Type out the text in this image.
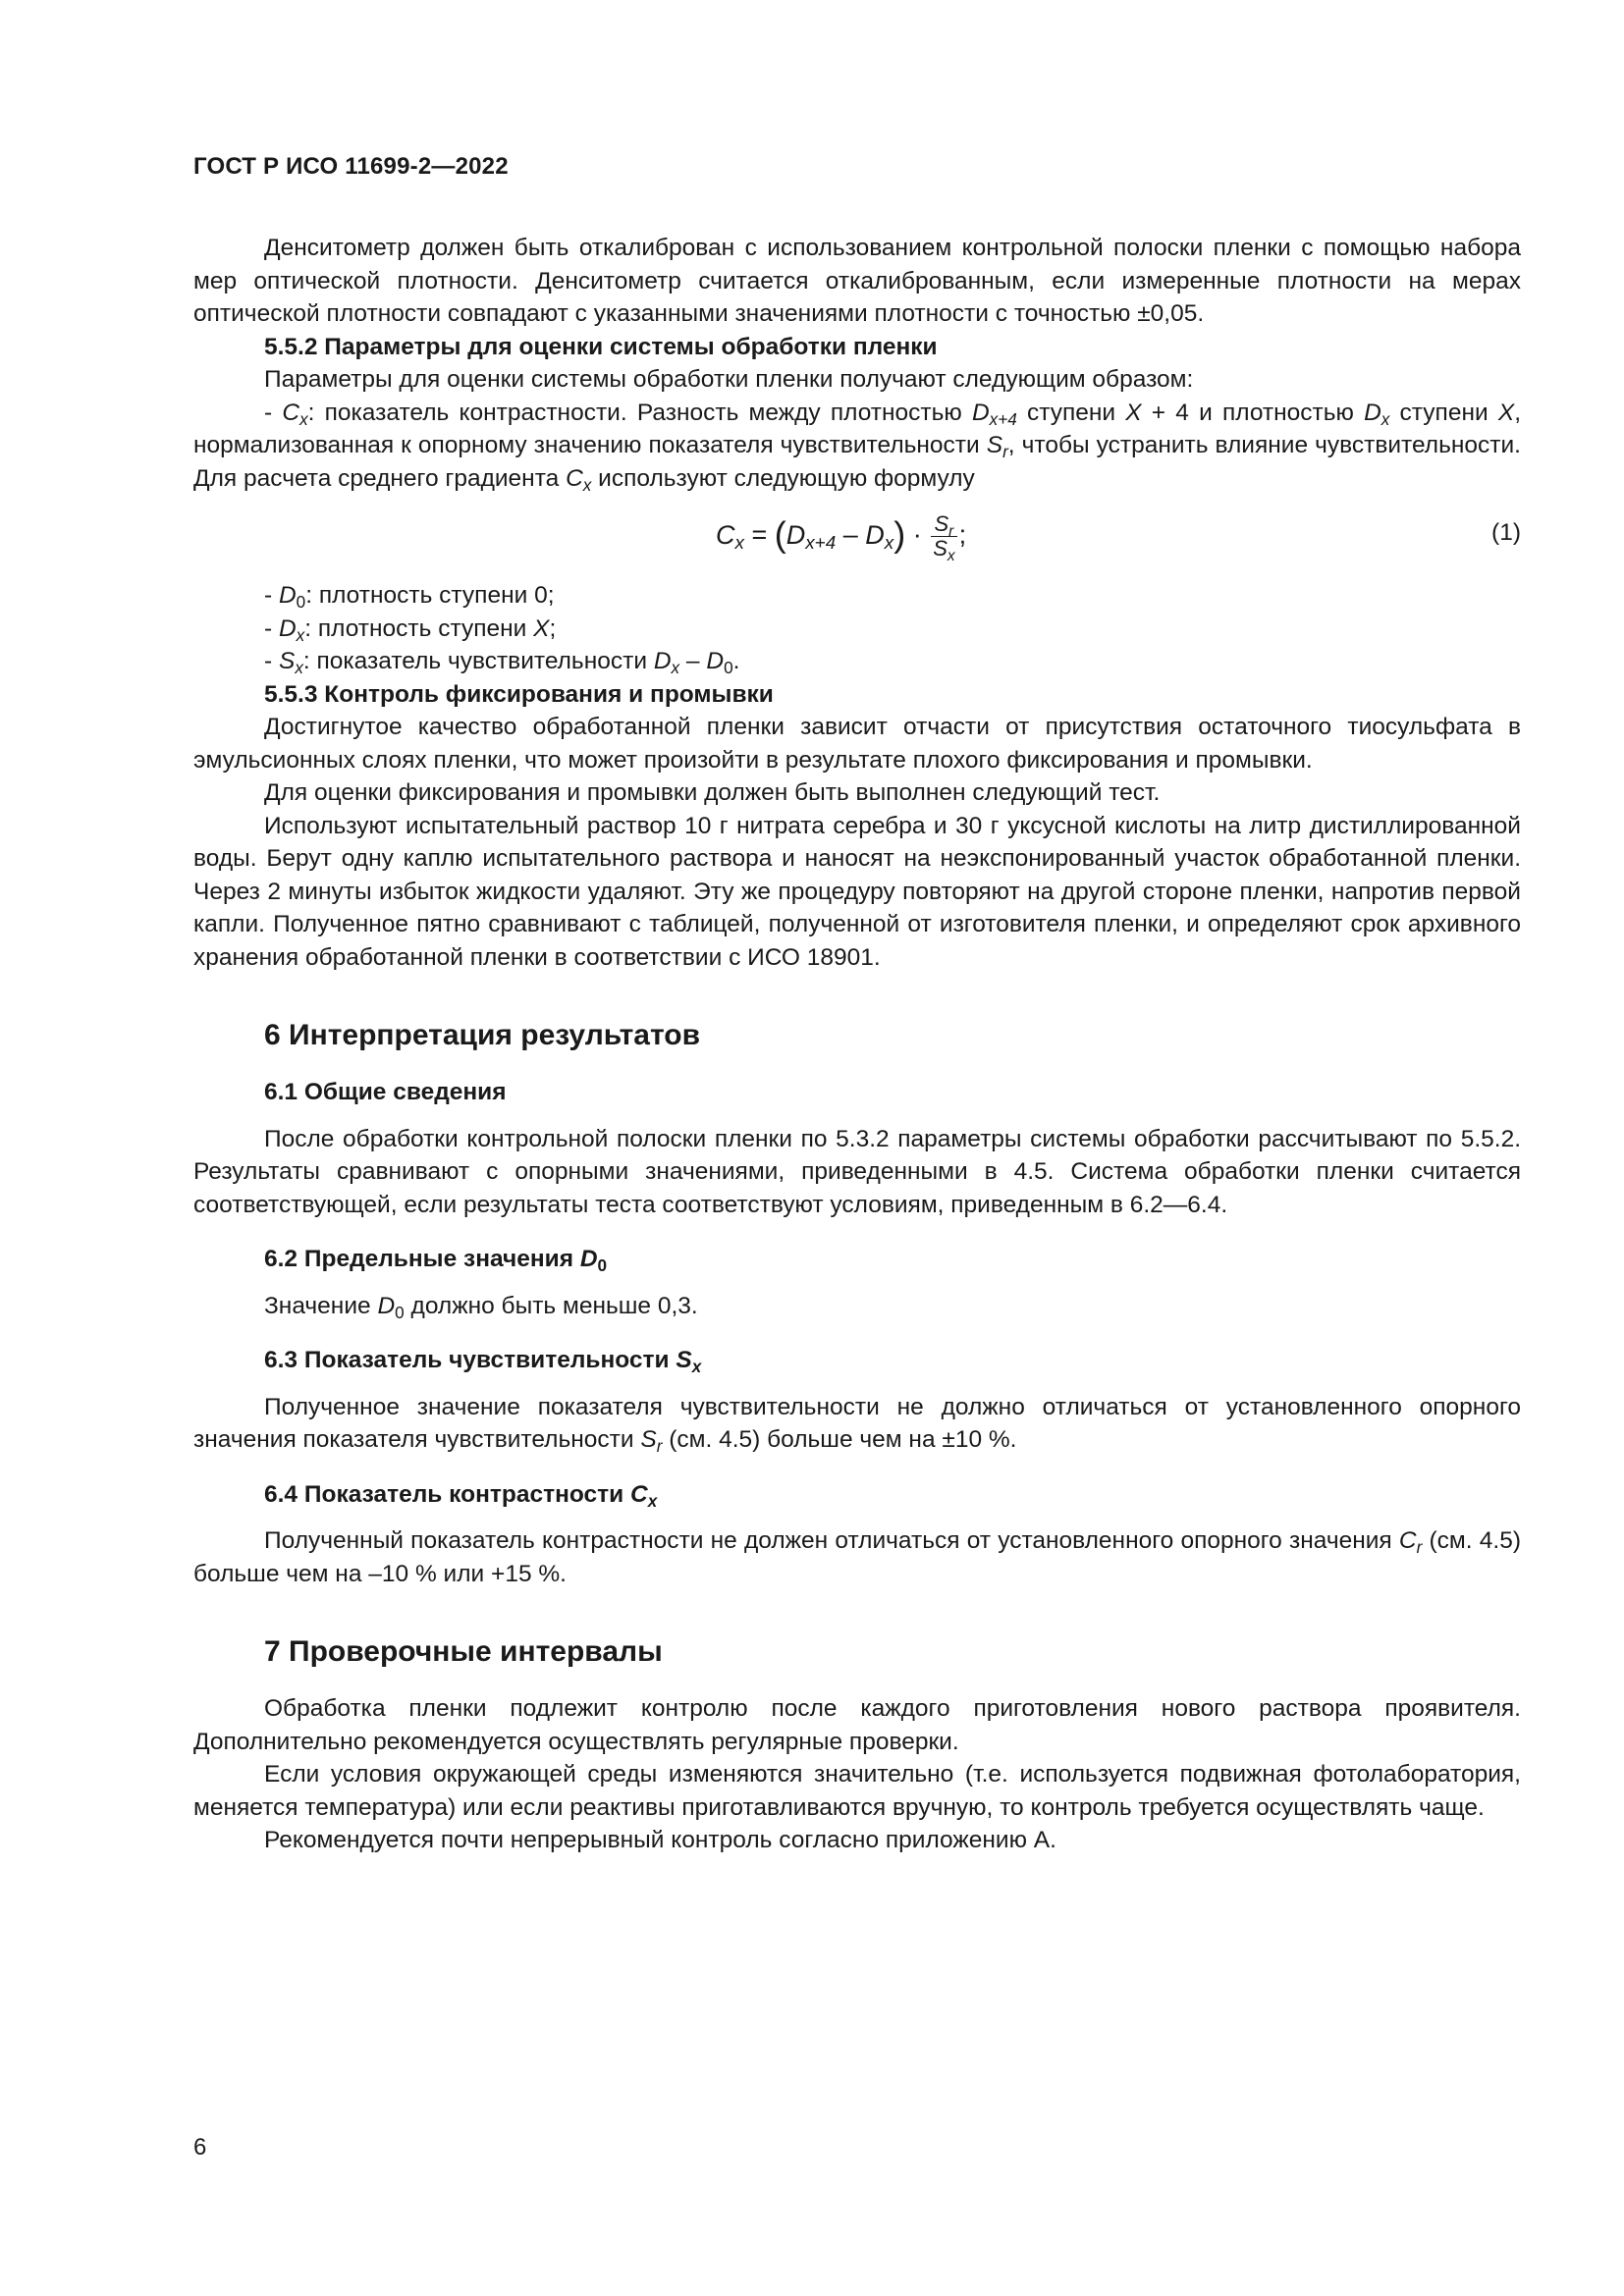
ГОСТ Р ИСО 11699-2—2022

Денситометр должен быть откалиброван с использованием контрольной полоски пленки с помощью набора мер оптической плотности. Денситометр считается откалиброванным, если измеренные плотности на мерах оптической плотности совпадают с указанными значениями плотности с точностью ±0,05.

5.5.2 Параметры для оценки системы обработки пленки

Параметры для оценки системы обработки пленки получают следующим образом:

- $C_x$: показатель контрастности. Разность между плотностью $D_{x+4}$ ступени X + 4 и плотностью $D_x$ ступени X, нормализованная к опорному значению показателя чувствительности $S_r$, чтобы устранить влияние чувствительности. Для расчета среднего градиента $C_x$ используют следующую формулу

$C_x = (D_{x+4} - D_x) \cdot \frac{S_r}{S_x}$ ;	(1)
- $D_0$: плотность ступени 0;
- $D_x$: плотность ступени X;
- $S_x$: показатель чувствительности $D_x - D_0$.
5.5.3 Контроль фиксирования и промывки

Достигнутое качество обработанной пленки зависит отчасти от присутствия остаточного тиосульфата в эмульсионных слоях пленки, что может произойти в результате плохого фиксирования и промывки.

Для оценки фиксирования и промывки должен быть выполнен следующий тест.

Используют испытательный раствор 10 г нитрата серебра и 30 г уксусной кислоты на литр дистиллированной воды. Берут одну каплю испытательного раствора и наносят на неэкспонированный участок обработанной пленки. Через 2 минуты избыток жидкости удаляют. Эту же процедуру повторяют на другой стороне пленки, напротив первой капли. Полученное пятно сравнивают с таблицей, полученной от изготовителя пленки, и определяют срок архивного хранения обработанной пленки в соответствии с ИСО 18901.

6 Интерпретация результатов
6.1 Общие сведения

После обработки контрольной полоски пленки по 5.3.2 параметры системы обработки рассчитывают по 5.5.2. Результаты сравнивают с опорными значениями, приведенными в 4.5. Система обработки пленки считается соответствующей, если результаты теста соответствуют условиям, приведенным в 6.2—6.4.

6.2 Предельные значения $D_0$

Значение $D_0$ должно быть меньше 0,3.

6.3 Показатель чувствительности $S_x$

Полученное значение показателя чувствительности не должно отличаться от установленного опорного значения показателя чувствительности $S_r$ (см. 4.5) больше чем на ±10 %.

6.4 Показатель контрастности $C_x$

Полученный показатель контрастности не должен отличаться от установленного опорного значения $C_r$ (см. 4.5) больше чем на –10 % или +15 %.

7 Проверочные интервалы

Обработка пленки подлежит контролю после каждого приготовления нового раствора проявителя. Дополнительно рекомендуется осуществлять регулярные проверки.

Если условия окружающей среды изменяются значительно (т.е. используется подвижная фотолаборатория, меняется температура) или если реактивы приготавливаются вручную, то контроль требуется осуществлять чаще.

Рекомендуется почти непрерывный контроль согласно приложению А.

6
